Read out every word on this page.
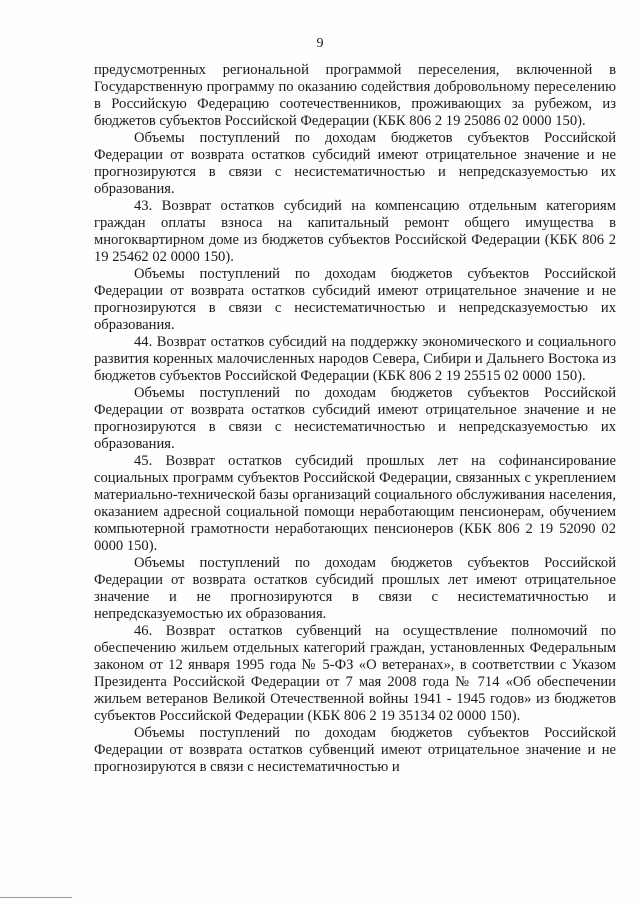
9

предусмотренных региональной программой переселения, включенной в Государственную программу по оказанию содействия добровольному переселению в Российскую Федерацию соотечественников, проживающих за рубежом, из бюджетов субъектов Российской Федерации (КБК 806 2 19 25086 02 0000 150).

Объемы поступлений по доходам бюджетов субъектов Российской Федерации от возврата остатков субсидий имеют отрицательное значение и не прогнозируются в связи с несистематичностью и непредсказуемостью их образования.

43. Возврат остатков субсидий на компенсацию отдельным категориям граждан оплаты взноса на капитальный ремонт общего имущества в многоквартирном доме из бюджетов субъектов Российской Федерации (КБК 806 2 19 25462 02 0000 150).

Объемы поступлений по доходам бюджетов субъектов Российской Федерации от возврата остатков субсидий имеют отрицательное значение и не прогнозируются в связи с несистематичностью и непредсказуемостью их образования.

44. Возврат остатков субсидий на поддержку экономического и социального развития коренных малочисленных народов Севера, Сибири и Дальнего Востока из бюджетов субъектов Российской Федерации (КБК 806 2 19 25515 02 0000 150).

Объемы поступлений по доходам бюджетов субъектов Российской Федерации от возврата остатков субсидий имеют отрицательное значение и не прогнозируются в связи с несистематичностью и непредсказуемостью их образования.

45. Возврат остатков субсидий прошлых лет на софинансирование социальных программ субъектов Российской Федерации, связанных с укреплением материально-технической базы организаций социального обслуживания населения, оказанием адресной социальной помощи неработающим пенсионерам, обучением компьютерной грамотности неработающих пенсионеров (КБК 806 2 19 52090 02 0000 150).

Объемы поступлений по доходам бюджетов субъектов Российской Федерации от возврата остатков субсидий прошлых лет имеют отрицательное значение и не прогнозируются в связи с несистематичностью и непредсказуемостью их образования.

46. Возврат остатков субвенций на осуществление полномочий по обеспечению жильем отдельных категорий граждан, установленных Федеральным законом от 12 января 1995 года № 5-ФЗ «О ветеранах», в соответствии с Указом Президента Российской Федерации от 7 мая 2008 года № 714 «Об обеспечении жильем ветеранов Великой Отечественной войны 1941 - 1945 годов» из бюджетов субъектов Российской Федерации (КБК 806 2 19 35134 02 0000 150).

Объемы поступлений по доходам бюджетов субъектов Российской Федерации от возврата остатков субвенций имеют отрицательное значение и не прогнозируются в связи с несистематичностью и
